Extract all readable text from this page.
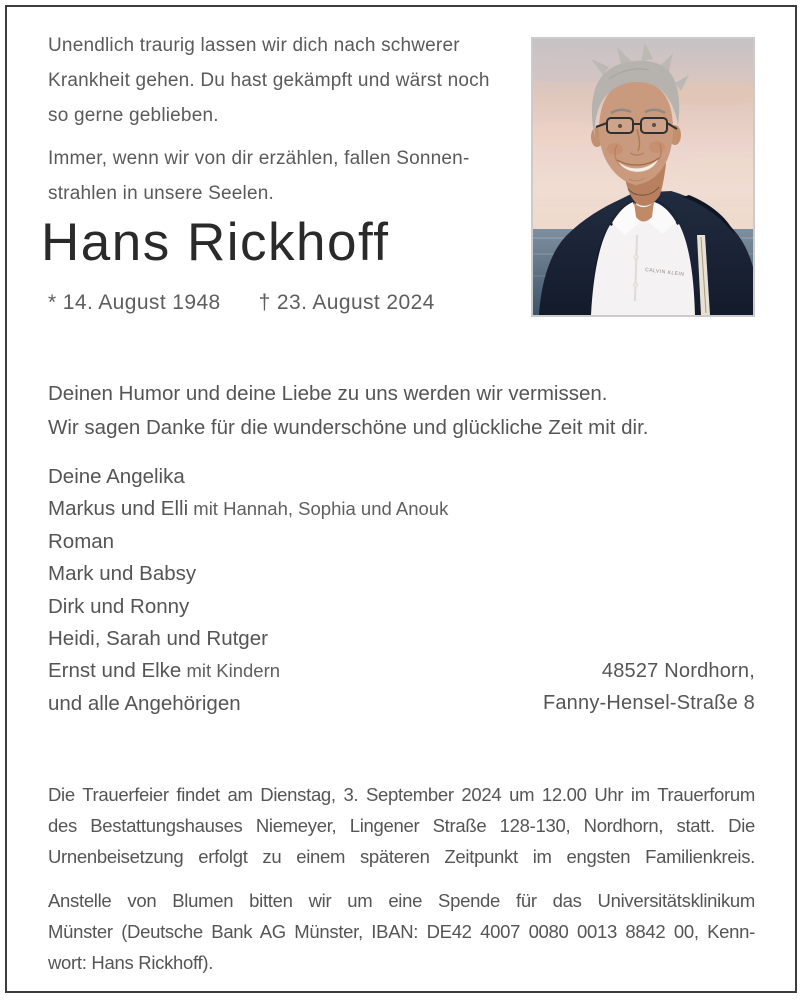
Unendlich traurig lassen wir dich nach schwerer
Krankheit gehen. Du hast gekämpft und wärst noch
so gerne geblieben.
Immer, wenn wir von dir erzählen, fallen Sonnen-
strahlen in unsere Seelen.
CALVIN KLEIN
Hans Rickhoff
* 14. August 1948 † 23. August 2024
Deinen Humor und deine Liebe zu uns werden wir vermissen.
Wir sagen Danke für die wunderschöne und glückliche Zeit mit dir.
Deine Angelika
Markus und Elli mit Hannah, Sophia und Anouk
Roman
Mark und Babsy
Dirk und Ronny
Heidi, Sarah und Rutger
Ernst und Elke mit Kindern
und alle Angehörigen
48527 Nordhorn,
Fanny-Hensel-Straße 8
Die Trauerfeier findet am Dienstag, 3. September 2024 um 12.00 Uhr im Trauerforum
des Bestattungshauses Niemeyer, Lingener Straße 128-130, Nordhorn, statt. Die
Urnenbeisetzung erfolgt zu einem späteren Zeitpunkt im engsten Familienkreis.
Anstelle von Blumen bitten wir um eine Spende für das Universitätsklinikum
Münster (Deutsche Bank AG Münster, IBAN: DE42 4007 0080 0013 8842 00, Kenn-
wort: Hans Rickhoff).
